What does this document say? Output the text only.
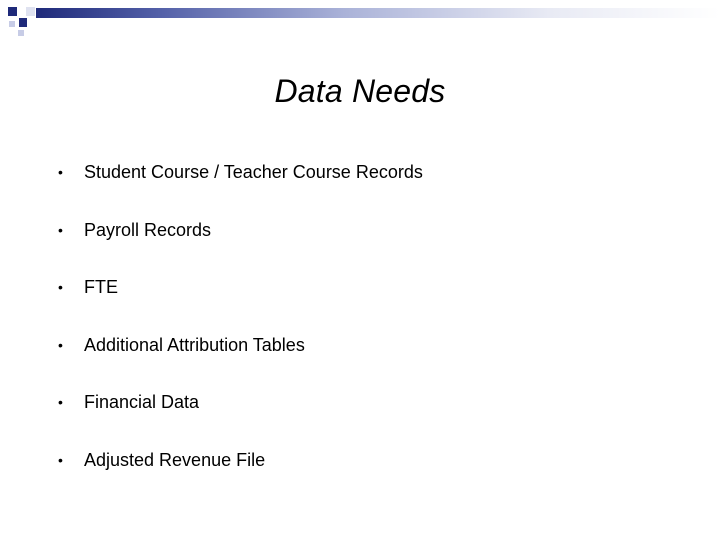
Data Needs
•	Student Course / Teacher Course Records
•	Payroll Records
•	FTE
•	Additional Attribution Tables
•	Financial Data
•	Adjusted Revenue File
